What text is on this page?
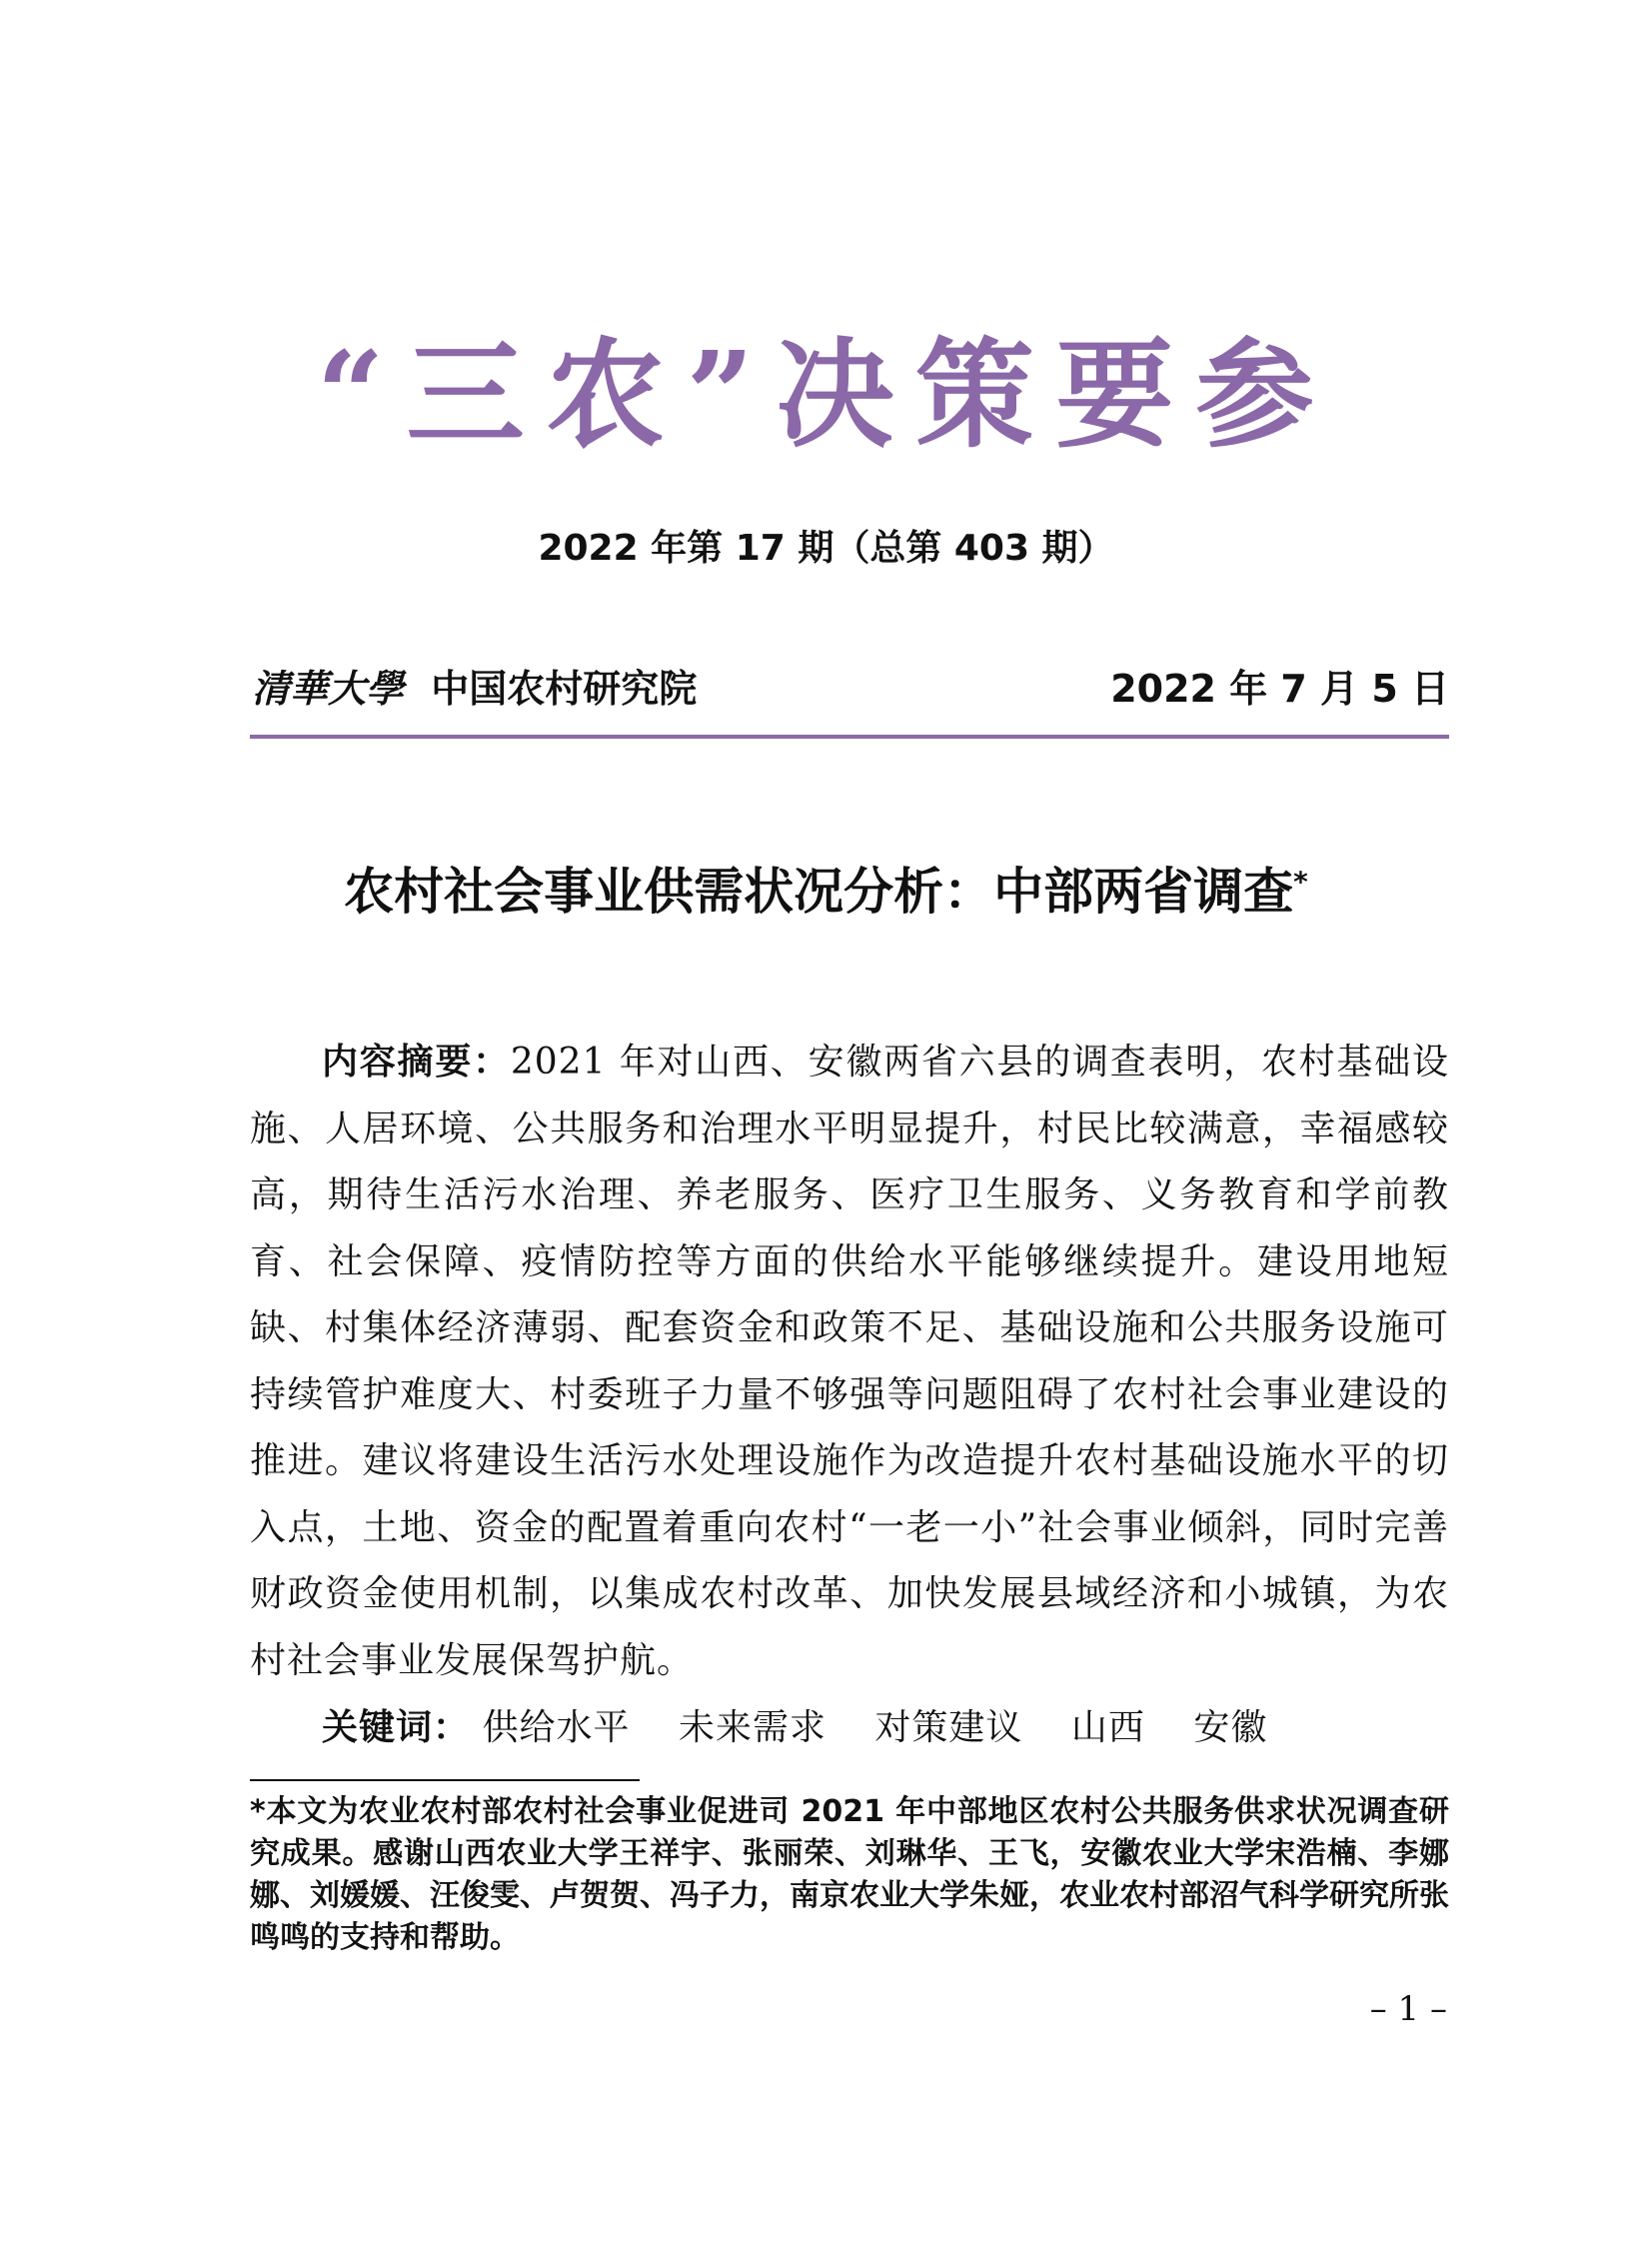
“三农”决策要参
2022 年第 17 期（总第 403 期）
清華大學 中国农村研究院	2022 年 7 月 5 日
农村社会事业供需状况分析：中部两省调查*
内容摘要：2021 年对山西、安徽两省六县的调查表明，农村基础设施、人居环境、公共服务和治理水平明显提升，村民比较满意，幸福感较高，期待生活污水治理、养老服务、医疗卫生服务、义务教育和学前教育、社会保障、疫情防控等方面的供给水平能够继续提升。建设用地短缺、村集体经济薄弱、配套资金和政策不足、基础设施和公共服务设施可持续管护难度大、村委班子力量不够强等问题阻碍了农村社会事业建设的推进。建议将建设生活污水处理设施作为改造提升农村基础设施水平的切入点，土地、资金的配置着重向农村“一老一小”社会事业倾斜，同时完善财政资金使用机制，以集成农村改革、加快发展县域经济和小城镇，为农村社会事业发展保驾护航。
关键词： 供给水平 未来需求 对策建议 山西 安徽
*本文为农业农村部农村社会事业促进司 2021 年中部地区农村公共服务供求状况调查研究成果。感谢山西农业大学王祥宇、张丽荣、刘琳华、王飞，安徽农业大学宋浩楠、李娜娜、刘媛媛、汪俊雯、卢贺贺、冯子力，南京农业大学朱娅，农业农村部沼气科学研究所张鸣鸣的支持和帮助。
– 1 –
